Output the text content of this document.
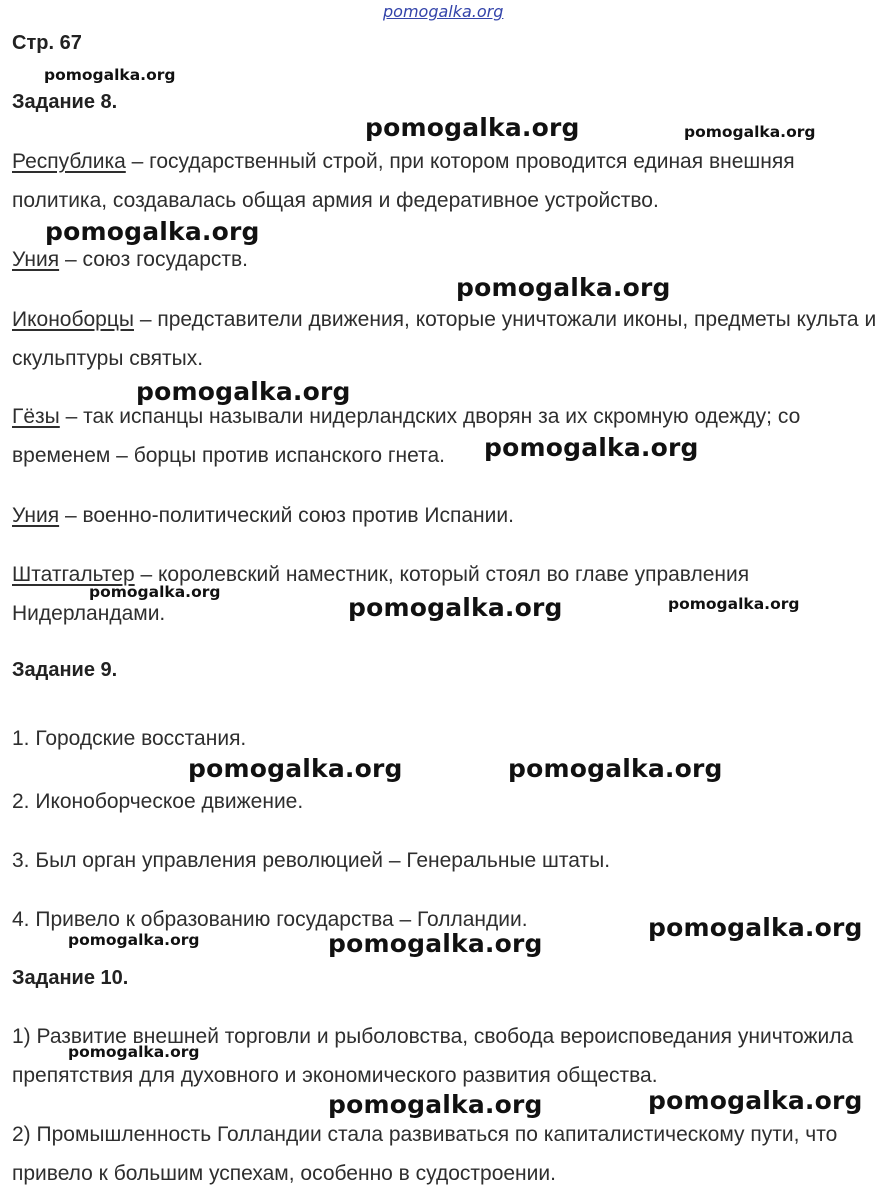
pomogalka.org
Стр. 67
Задание 8.
Республика – государственный строй, при котором проводится единая внешняя политика, создавалась общая армия и федеративное устройство.
Уния – союз государств.
Иконоборцы – представители движения, которые уничтожали иконы, предметы культа и скульптуры святых.
Гёзы – так испанцы называли нидерландских дворян за их скромную одежду; со временем – борцы против испанского гнета.
Уния – военно-политический союз против Испании.
Штатгальтер – королевский наместник, который стоял во главе управления Нидерландами.
Задание 9.
1. Городские восстания.
2. Иконоборческое движение.
3. Был орган управления революцией – Генеральные штаты.
4. Привело к образованию государства – Голландии.
Задание 10.
1) Развитие внешней торговли и рыболовства, свобода вероисповедания уничтожила препятствия для духовного и экономического развития общества.
2) Промышленность Голландии стала развиваться по капиталистическому пути, что привело к большим успехам, особенно в судостроении.
pomogalka.org
pomogalka.org	pomogalka.org
pomogalka.org
pomogalka.org
pomogalka.org
pomogalka.org
pomogalka.org
pomogalka.org	pomogalka.org
pomogalka.org	pomogalka.org
pomogalka.org
pomogalka.org	pomogalka.org
pomogalka.org
pomogalka.org
pomogalka.org
